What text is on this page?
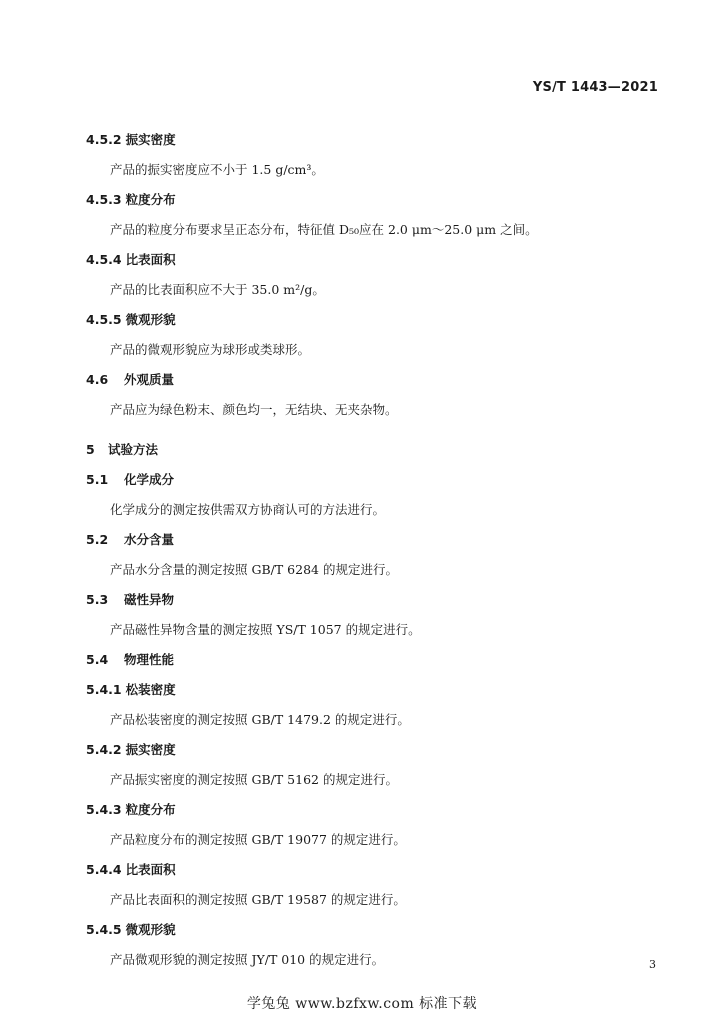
YS/T 1443—2021
4.5.2 振实密度
产品的振实密度应不小于 1.5 g/cm³。
4.5.3 粒度分布
产品的粒度分布要求呈正态分布，特征值 D₅₀应在 2.0 μm～25.0 μm 之间。
4.5.4 比表面积
产品的比表面积应不大于 35.0 m²/g。
4.5.5 微观形貌
产品的微观形貌应为球形或类球形。
4.6 外观质量
产品应为绿色粉末、颜色均一，无结块、无夹杂物。
5 试验方法
5.1 化学成分
化学成分的测定按供需双方协商认可的方法进行。
5.2 水分含量
产品水分含量的测定按照 GB/T 6284 的规定进行。
5.3 磁性异物
产品磁性异物含量的测定按照 YS/T 1057 的规定进行。
5.4 物理性能
5.4.1 松装密度
产品松装密度的测定按照 GB/T 1479.2 的规定进行。
5.4.2 振实密度
产品振实密度的测定按照 GB/T 5162 的规定进行。
5.4.3 粒度分布
产品粒度分布的测定按照 GB/T 19077 的规定进行。
5.4.4 比表面积
产品比表面积的测定按照 GB/T 19587 的规定进行。
5.4.5 微观形貌
产品微观形貌的测定按照 JY/T 010 的规定进行。	3
学兔兔 www.bzfxw.com 标准下载
